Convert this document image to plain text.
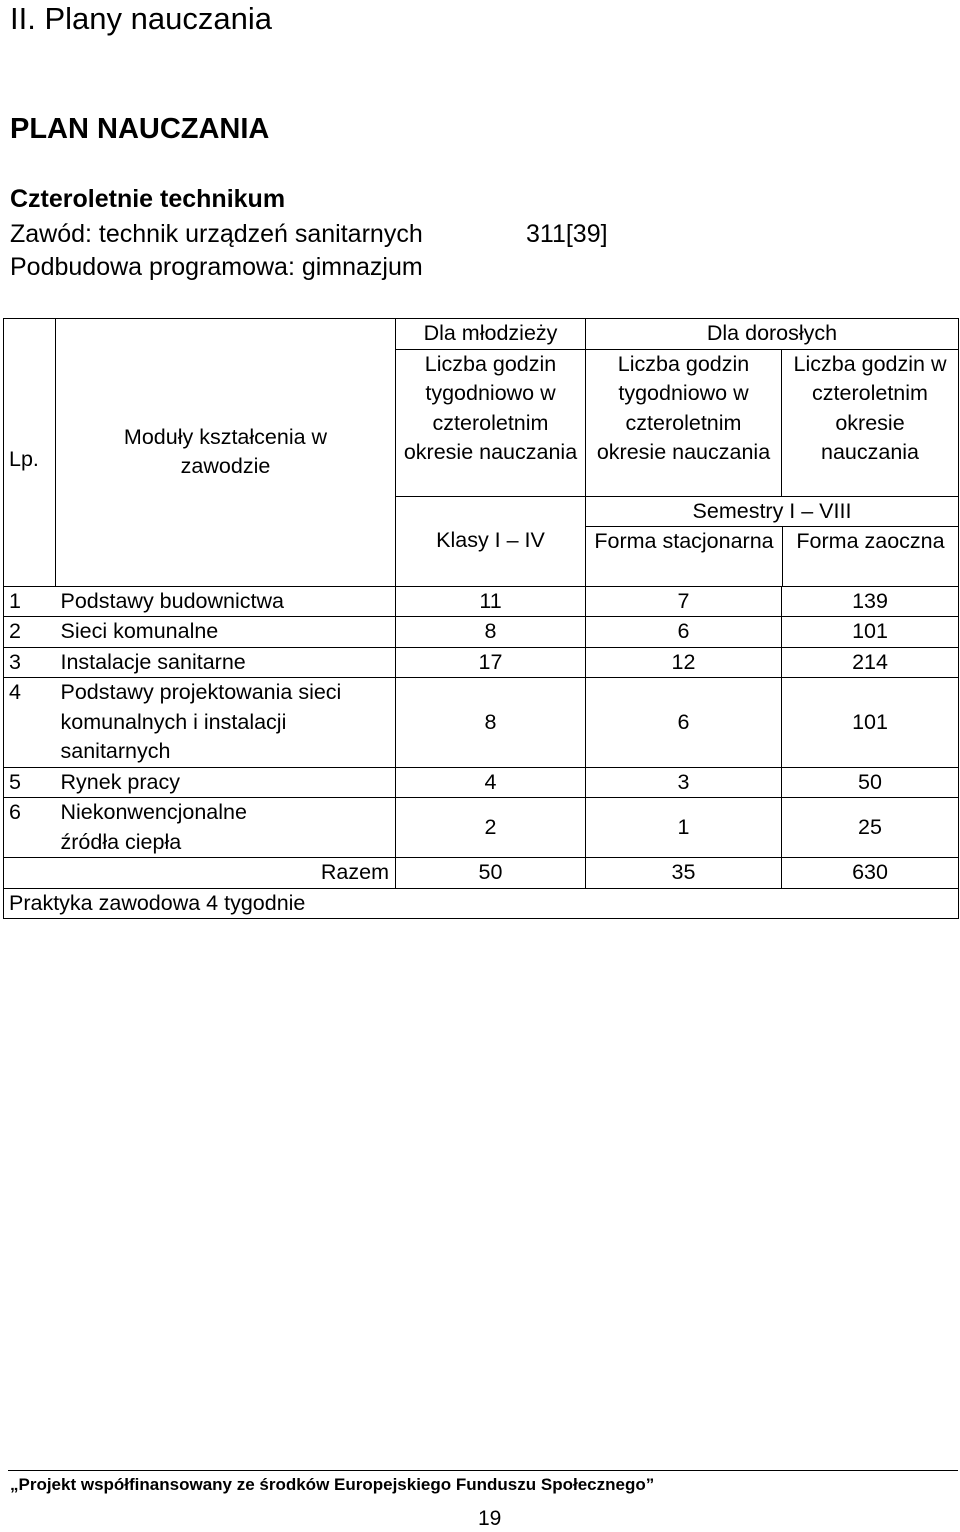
II. Plany nauczania
PLAN NAUCZANIA
Czteroletnie technikum
Zawód: technik urządzeń sanitarnych	311[39]
Podbudowa programowa: gimnazjum
Lp.	Moduły kształcenia w zawodzie	Dla młodzieży	Dla dorosłych	
		Liczba godzin tygodniowo w czteroletnim okresie nauczania	Liczba godzin tygodniowo w czteroletnim okresie nauczania	Liczba godzin w czteroletnim okresie nauczania
		Klasy I – IV	Semestry I – VIII
Forma stacjonarna Forma zaoczna	

1	Podstawy budownictwa	11	7	139
2	Sieci komunalne	8	6	101
3	Instalacje sanitarne	17	12	214
4	Podstawy projektowania sieci komunalnych i instalacji sanitarnych	8	6	101
5	Rynek pracy	4	3	50
6	Niekonwencjonalne źródła ciepła	2	1	25
Razem		50	35	630
Praktyka zawodowa 4 tygodnie				
„Projekt współfinansowany ze środków Europejskiego Funduszu Społecznego”
19
